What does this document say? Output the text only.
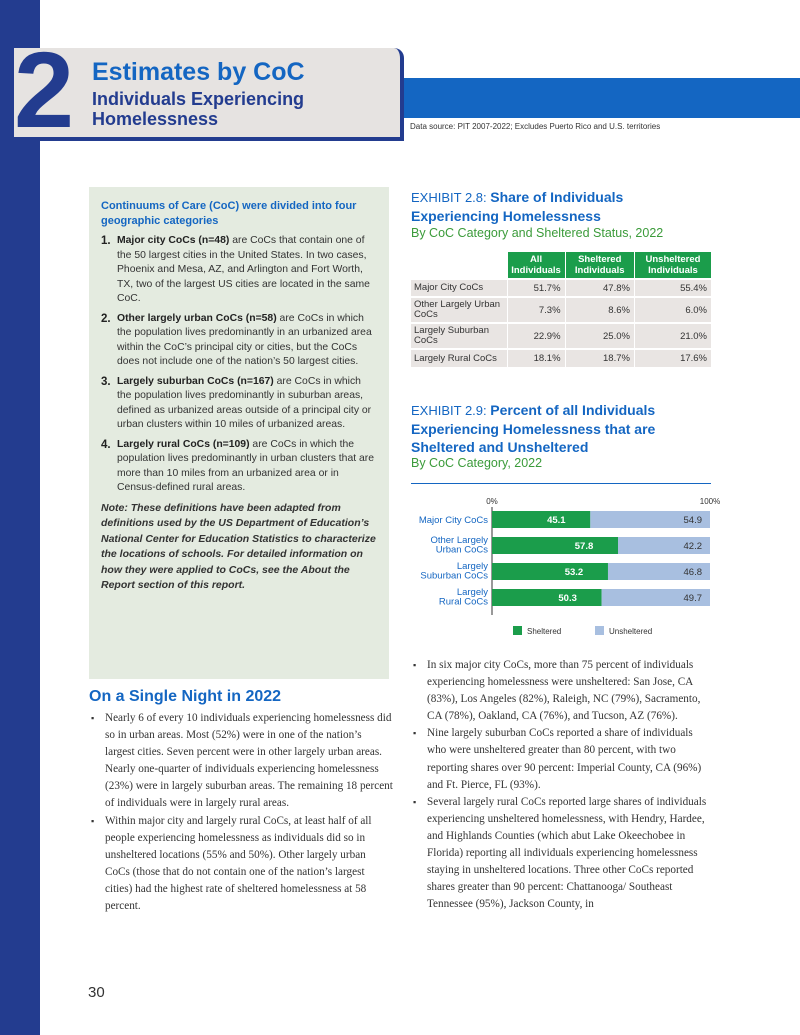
2 Estimates by CoC
Individuals Experiencing Homelessness	Data source: PIT 2007-2022; Excludes Puerto Rico and U.S. territories
Continuums of Care (CoC) were divided into four geographic categories
1. Major city CoCs (n=48) are CoCs that contain one of the 50 largest cities in the United States. In two cases, Phoenix and Mesa, AZ, and Arlington and Fort Worth, TX, two of the largest US cities are located in the same CoC.
2. Other largely urban CoCs (n=58) are CoCs in which the population lives predominantly in an urbanized area within the CoC’s principal city or cities, but the CoCs does not include one of the nation’s 50 largest cities.
3. Largely suburban CoCs (n=167) are CoCs in which the population lives predominantly in suburban areas, defined as urbanized areas outside of a principal city or urban clusters within 10 miles of urbanized areas.
4. Largely rural CoCs (n=109) are CoCs in which the population lives predominantly in urban clusters that are more than 10 miles from an urbanized area or in Census-defined rural areas.
Note: These definitions have been adapted from definitions used by the US Department of Education’s National Center for Education Statistics to characterize the locations of schools. For detailed information on how they were applied to CoCs, see the About the Report section of this report.
On a Single Night in 2022
▪ Nearly 6 of every 10 individuals experiencing homelessness did so in urban areas. Most (52%) were in one of the nation’s largest cities. Seven percent were in other largely urban areas. Nearly one-quarter of individuals experiencing homelessness (23%) were in largely suburban areas. The remaining 18 percent of individuals were in largely rural areas.
▪ Within major city and largely rural CoCs, at least half of all people experiencing homelessness as individuals did so in unsheltered locations (55% and 50%). Other largely urban CoCs (those that do not contain one of the nation’s largest cities) had the highest rate of sheltered homelessness at 58 percent.
EXHIBIT 2.8: Share of Individuals Experiencing Homelessness
By CoC Category and Sheltered Status, 2022
	All Individuals	Sheltered Individuals	Unsheltered Individuals
Major City CoCs	51.7%	47.8%	55.4%
Other Largely Urban CoCs	7.3%	8.6%	6.0%
Largely Suburban CoCs	22.9%	25.0%	21.0%
Largely Rural CoCs	18.1%	18.7%	17.6%
EXHIBIT 2.9: Percent of all Individuals Experiencing Homelessness that are Sheltered and Unsheltered
By CoC Category, 2022
0%	100%
45.1	54.9
Major City CoCs
57.8	42.2
Other Largely Urban CoCs
53.2	46.8
Largely Suburban CoCs
50.3	49.7
Largely Rural CoCs
Sheltered	Unsheltered
▪ In six major city CoCs, more than 75 percent of individuals experiencing homelessness were unsheltered: San Jose, CA (83%), Los Angeles (82%), Raleigh, NC (79%), Sacramento, CA (78%), Oakland, CA (76%), and Tucson, AZ (76%).
▪ Nine largely suburban CoCs reported a share of individuals who were unsheltered greater than 80 percent, with two reporting shares over 90 percent: Imperial County, CA (96%) and Ft. Pierce, FL (93%).
▪ Several largely rural CoCs reported large shares of individuals experiencing unsheltered homelessness, with Hendry, Hardee, and Highlands Counties (which abut Lake Okeechobee in Florida) reporting all individuals experiencing homelessness staying in unsheltered locations. Three other CoCs reported shares greater than 90 percent: Chattanooga/ Southeast Tennessee (95%), Jackson County, in
30
